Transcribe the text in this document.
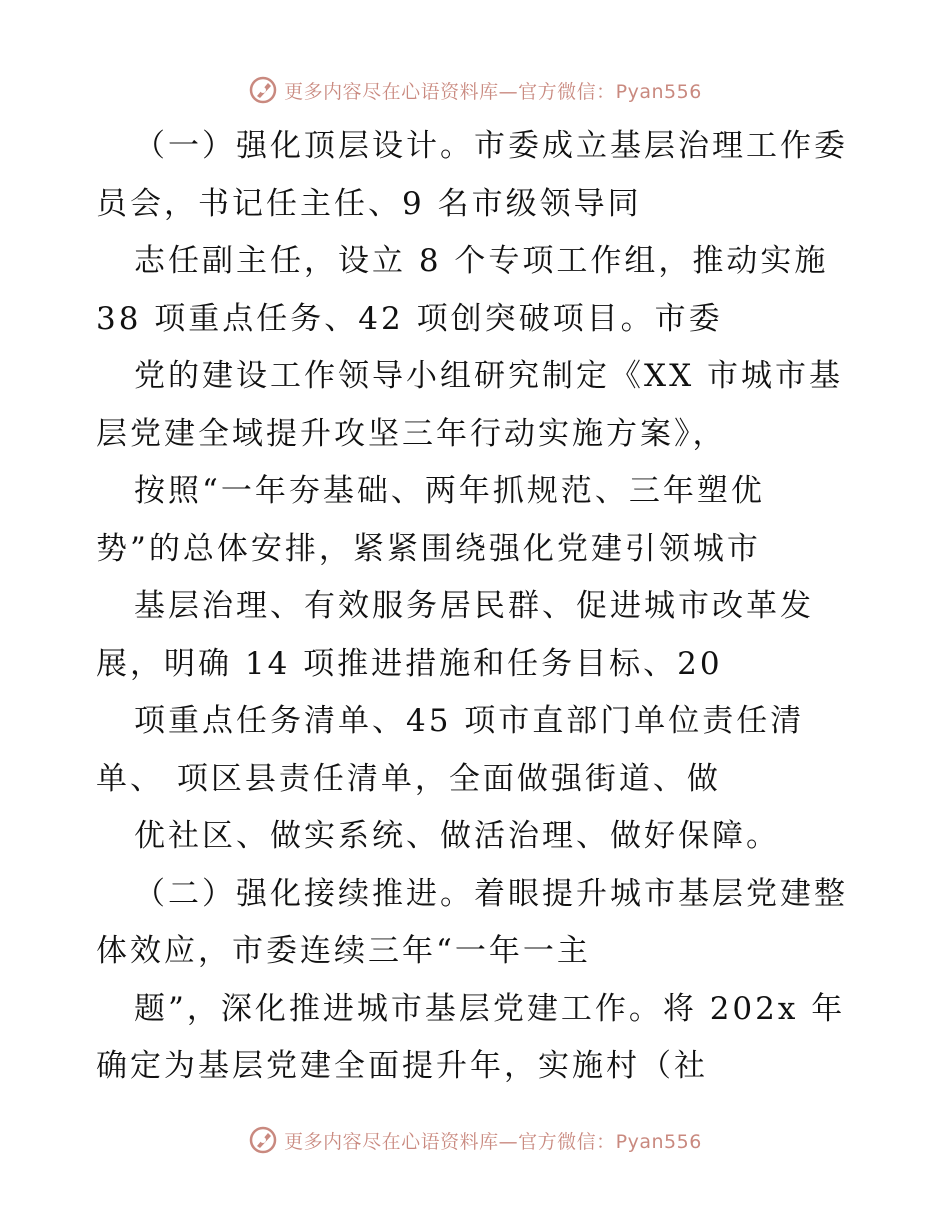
更多内容尽在心语资料库—官方微信：Pyan556
（一）强化顶层设计。市委成立基层治理工作委
员会，书记任主任、9 名市级领导同
志任副主任，设立 8 个专项工作组，推动实施
38 项重点任务、42 项创突破项目。市委
党的建设工作领导小组研究制定《XX 市城市基
层党建全域提升攻坚三年行动实施方案》，
按照“一年夯基础、两年抓规范、三年塑优
势”的总体安排，紧紧围绕强化党建引领城市
基层治理、有效服务居民群、促进城市改革发
展，明确 14 项推进措施和任务目标、20
项重点任务清单、45 项市直部门单位责任清
单、 项区县责任清单，全面做强街道、做
优社区、做实系统、做活治理、做好保障。
（二）强化接续推进。着眼提升城市基层党建整
体效应，市委连续三年“一年一主
题”，深化推进城市基层党建工作。将 202x 年
确定为基层党建全面提升年，实施村（社
更多内容尽在心语资料库—官方微信：Pyan556
